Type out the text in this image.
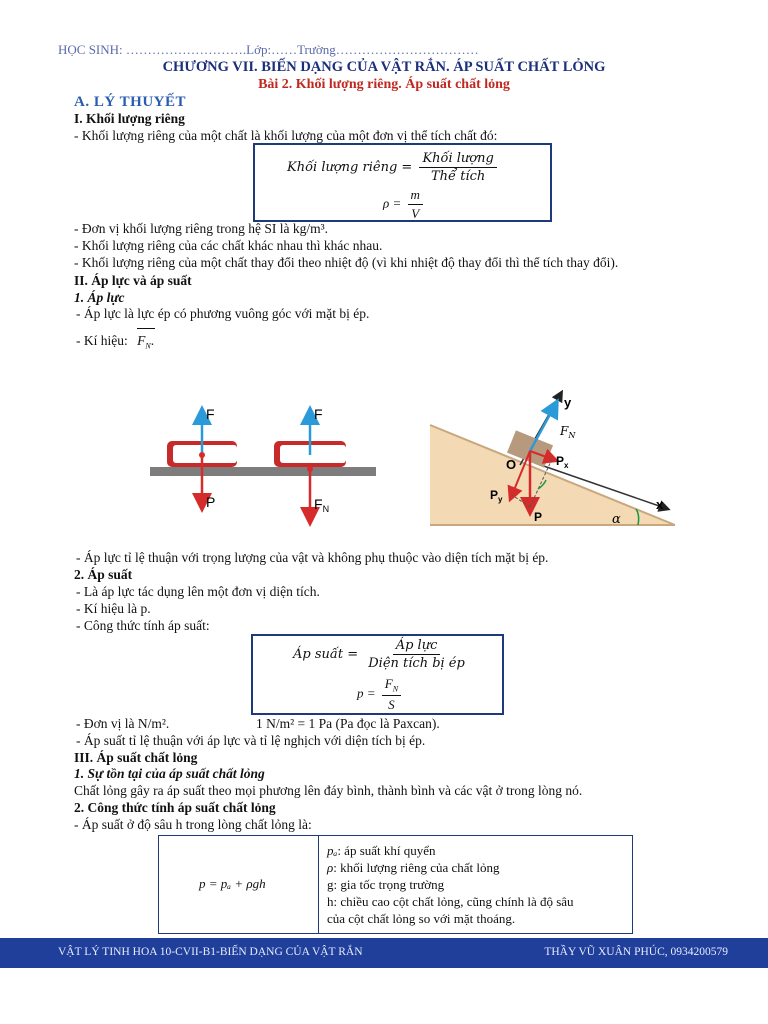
HỌC SINH: ……………………….Lớp:……Trường……………………………
CHƯƠNG VII. BIẾN DẠNG CỦA VẬT RẮN. ÁP SUẤT CHẤT LỎNG
Bài 2. Khối lượng riêng. Áp suất chất lỏng
A. LÝ THUYẾT
I. Khối lượng riêng
- Khối lượng riêng của một chất là khối lượng của một đơn vị thể tích chất đó:
Khối lượng riêng = $\frac{\text{Khối lượng}}{\text{Thể tích}}$
$\rho = \frac{m}{V}$
- Đơn vị khối lượng riêng trong hệ SI là kg/m³.
- Khối lượng riêng của các chất khác nhau thì khác nhau.
- Khối lượng riêng của một chất thay đổi theo nhiệt độ (vì khi nhiệt độ thay đổi thì thể tích thay đổi).
II. Áp lực và áp suất
1. Áp lực
- Áp lực là lực ép có phương vuông góc với mặt bị ép.
- Kí hiệu: $F_N$.
F
P
F
$F_N$
O
y
x
$F_N$
$P_x$
$P_y$
P	α
- Áp lực tỉ lệ thuận với trọng lượng của vật và không phụ thuộc vào diện tích mặt bị ép.
2. Áp suất
- Là áp lực tác dụng lên một đơn vị diện tích.
- Kí hiệu là p.
- Công thức tính áp suất:
Áp suất = $\frac{\text{Áp lực}}{\text{Diện tích bị ép}}$
$p = \frac{F_N}{S}$
- Đơn vị là N/m².	1 N/m² = 1 Pa (Pa đọc là Paxcan).
- Áp suất tỉ lệ thuận với áp lực và tỉ lệ nghịch với diện tích bị ép.
III. Áp suất chất lỏng
1. Sự tồn tại của áp suất chất lỏng
Chất lỏng gây ra áp suất theo mọi phương lên đáy bình, thành bình và các vật ở trong lòng nó.
2. Công thức tính áp suất chất lỏng
- Áp suất ở độ sâu h trong lòng chất lỏng là:
p = pₐ + ρgh
pₐ: áp suất khí quyển
ρ: khối lượng riêng của chất lỏng
g: gia tốc trọng trường
h: chiều cao cột chất lỏng, cũng chính là độ sâu
của cột chất lỏng so với mặt thoáng.
VẬT LÝ TINH HOA 10-CVII-B1-BIẾN DẠNG CỦA VẬT RẮN	THẦY VŨ XUÂN PHÚC, 0934200579
